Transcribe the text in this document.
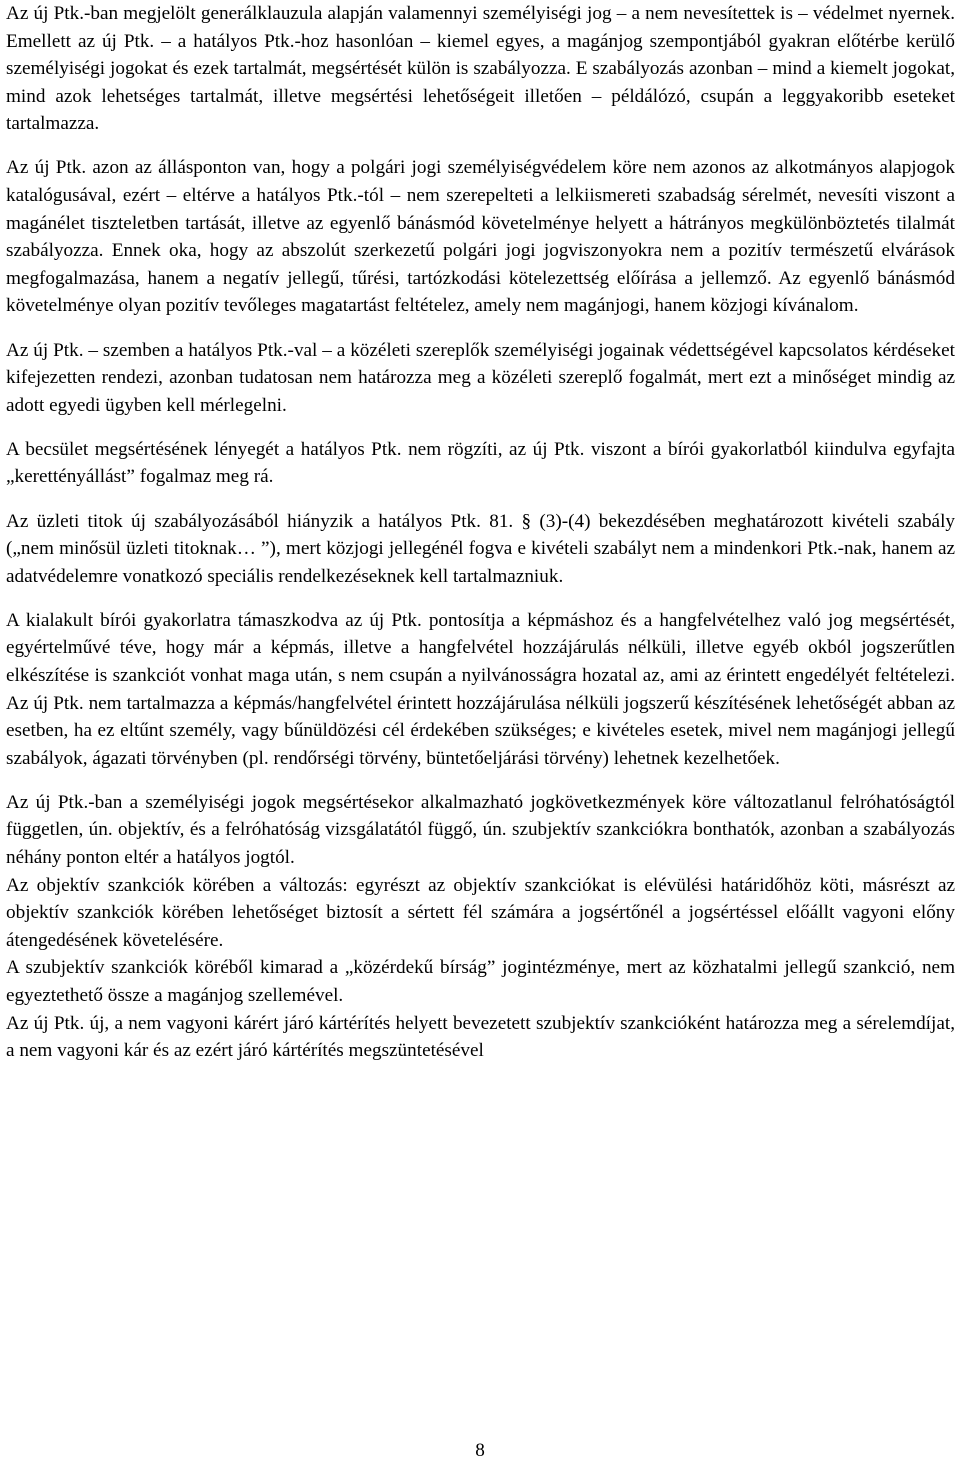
Az új Ptk.-ban megjelölt generálklauzula alapján valamennyi személyiségi jog – a nem nevesítettek is – védelmet nyernek. Emellett az új Ptk. – a hatályos Ptk.-hoz hasonlóan – kiemel egyes, a magánjog szempontjából gyakran előtérbe kerülő személyiségi jogokat és ezek tartalmát, megsértését külön is szabályozza. E szabályozás azonban – mind a kiemelt jogokat, mind azok lehetséges tartalmát, illetve megsértési lehetőségeit illetően – példálózó, csupán a leggyakoribb eseteket tartalmazza.

Az új Ptk. azon az állásponton van, hogy a polgári jogi személyiségvédelem köre nem azonos az alkotmányos alapjogok katalógusával, ezért – eltérve a hatályos Ptk.-tól – nem szerepelteti a lelkiismereti szabadság sérelmét, nevesíti viszont a magánélet tiszteletben tartását, illetve az egyenlő bánásmód követelménye helyett a hátrányos megkülönböztetés tilalmát szabályozza. Ennek oka, hogy az abszolút szerkezetű polgári jogi jogviszonyokra nem a pozitív természetű elvárások megfogalmazása, hanem a negatív jellegű, tűrési, tartózkodási kötelezettség előírása a jellemző. Az egyenlő bánásmód követelménye olyan pozitív tevőleges magatartást feltételez, amely nem magánjogi, hanem közjogi kívánalom.

Az új Ptk. – szemben a hatályos Ptk.-val – a közéleti szereplők személyiségi jogainak védettségével kapcsolatos kérdéseket kifejezetten rendezi, azonban tudatosan nem határozza meg a közéleti szereplő fogalmát, mert ezt a minőséget mindig az adott egyedi ügyben kell mérlegelni.

A becsület megsértésének lényegét a hatályos Ptk. nem rögzíti, az új Ptk. viszont a bírói gyakorlatból kiindulva egyfajta „kerettényállást” fogalmaz meg rá.

Az üzleti titok új szabályozásából hiányzik a hatályos Ptk. 81. § (3)-(4) bekezdésében meghatározott kivételi szabály („nem minősül üzleti titoknak… ”), mert közjogi jellegénél fogva e kivételi szabályt nem a mindenkori Ptk.-nak, hanem az adatvédelemre vonatkozó speciális rendelkezéseknek kell tartalmazniuk.

A kialakult bírói gyakorlatra támaszkodva az új Ptk. pontosítja a képmáshoz és a hangfelvételhez való jog megsértését, egyértelművé téve, hogy már a képmás, illetve a hangfelvétel hozzájárulás nélküli, illetve egyéb okból jogszerűtlen elkészítése is szankciót vonhat maga után, s nem csupán a nyilvánosságra hozatal az, ami az érintett engedélyét feltételezi. Az új Ptk. nem tartalmazza a képmás/hangfelvétel érintett hozzájárulása nélküli jogszerű készítésének lehetőségét abban az esetben, ha ez eltűnt személy, vagy bűnüldözési cél érdekében szükséges; e kivételes esetek, mivel nem magánjogi jellegű szabályok, ágazati törvényben (pl. rendőrségi törvény, büntetőeljárási törvény) lehetnek kezelhetőek.

Az új Ptk.-ban a személyiségi jogok megsértésekor alkalmazható jogkövetkezmények köre változatlanul felróhatóságtól független, ún. objektív, és a felróhatóság vizsgálatától függő, ún. szubjektív szankciókra bonthatók, azonban a szabályozás néhány ponton eltér a hatályos jogtól.

Az objektív szankciók körében a változás: egyrészt az objektív szankciókat is elévülési határidőhöz köti, másrészt az objektív szankciók körében lehetőséget biztosít a sértett fél számára a jogsértőnél a jogsértéssel előállt vagyoni előny átengedésének követelésére.

A szubjektív szankciók köréből kimarad a „közérdekű bírság” jogintézménye, mert az közhatalmi jellegű szankció, nem egyeztethető össze a magánjog szellemével.

Az új Ptk. új, a nem vagyoni kárért járó kártérítés helyett bevezetett szubjektív szankcióként határozza meg a sérelemdíjat, a nem vagyoni kár és az ezért járó kártérítés megszüntetésével

8
